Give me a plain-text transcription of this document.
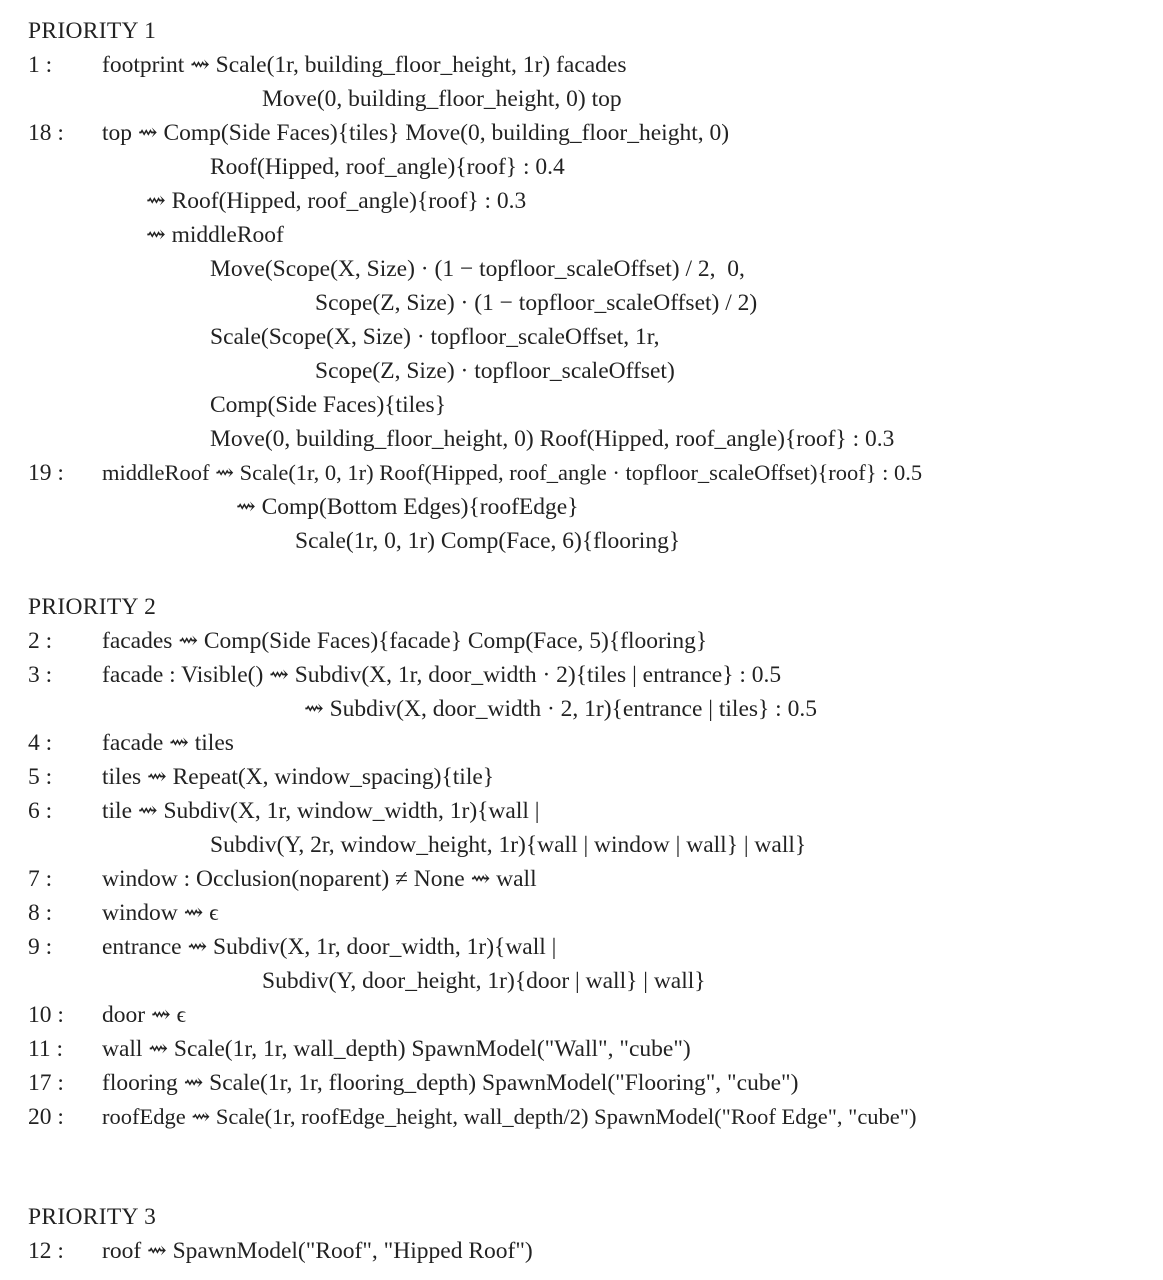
PRIORITY 1
1 : footprint ⇝ Scale(1r, building_floor_height, 1r) facades
Move(0, building_floor_height, 0) top
18 : top ⇝ Comp(Side Faces){tiles} Move(0, building_floor_height, 0)
Roof(Hipped, roof_angle){roof} : 0.4
⇝ Roof(Hipped, roof_angle){roof} : 0.3
⇝ middleRoof
Move(Scope(X, Size) · (1 − topfloor_scaleOffset) / 2,  0,
Scope(Z, Size) · (1 − topfloor_scaleOffset) / 2)
Scale(Scope(X, Size) · topfloor_scaleOffset, 1r,
Scope(Z, Size) · topfloor_scaleOffset)
Comp(Side Faces){tiles}
Move(0, building_floor_height, 0) Roof(Hipped, roof_angle){roof} : 0.3
19 : middleRoof ⇝ Scale(1r, 0, 1r) Roof(Hipped, roof_angle · topfloor_scaleOffset){roof} : 0.5
⇝ Comp(Bottom Edges){roofEdge}
Scale(1r, 0, 1r) Comp(Face, 6){flooring}
PRIORITY 2
2 : facades ⇝ Comp(Side Faces){facade} Comp(Face, 5){flooring}
3 : facade : Visible() ⇝ Subdiv(X, 1r, door_width · 2){tiles | entrance} : 0.5
⇝ Subdiv(X, door_width · 2, 1r){entrance | tiles} : 0.5
4 : facade ⇝ tiles
5 : tiles ⇝ Repeat(X, window_spacing){tile}
6 : tile ⇝ Subdiv(X, 1r, window_width, 1r){wall |
Subdiv(Y, 2r, window_height, 1r){wall | window | wall} | wall}
7 : window : Occlusion(noparent) ≠ None ⇝ wall
8 : window ⇝ ϵ
9 : entrance ⇝ Subdiv(X, 1r, door_width, 1r){wall |
Subdiv(Y, door_height, 1r){door | wall} | wall}
10 : door ⇝ ϵ
11 : wall ⇝ Scale(1r, 1r, wall_depth) SpawnModel("Wall", "cube")
17 : flooring ⇝ Scale(1r, 1r, flooring_depth) SpawnModel("Flooring", "cube")
20 : roofEdge ⇝ Scale(1r, roofEdge_height, wall_depth/2) SpawnModel("Roof Edge", "cube")
PRIORITY 3
12 : roof ⇝ SpawnModel("Roof", "Hipped Roof")
